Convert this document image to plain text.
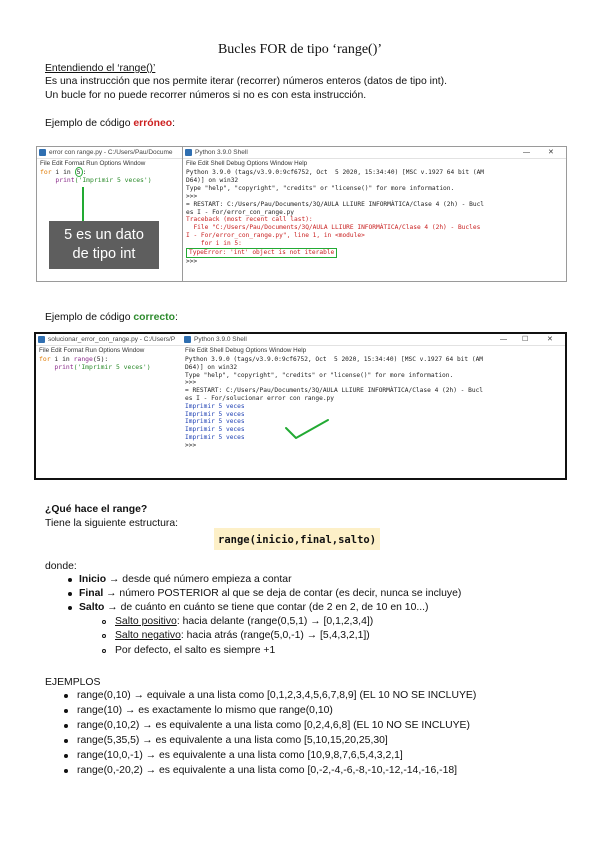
Bucles FOR de tipo ‘range()’
Entendiendo el ‘range()’
Es una instrucción que nos permite iterar (recorrer) números enteros (datos de tipo int).
Un bucle for no puede recorrer números si no es con esta instrucción.
Ejemplo de código erróneo:
error con range.py - C:/Users/Pau/Docume
File Edit Format Run Options Window
for i in 5 :
print('Imprimir 5 veces')
5 es un dato
de tipo int
Python 3.9.0 Shell	—	✕
File Edit Shell Debug Options Window Help
Python 3.9.0 (tags/v3.9.0:9cf6752, Oct  5 2020, 15:34:40) [MSC v.1927 64 bit (AM
D64)] on win32
Type "help", "copyright", "credits" or "license()" for more information.
>>>
= RESTART: C:/Users/Pau/Documents/3Q/AULA LLIURE INFORMÀTICA/Clase 4 (2h) - Bucl
es I - For/error_con_range.py
Traceback (most recent call last):
File "C:/Users/Pau/Documents/3Q/AULA LLIURE INFORMÀTICA/Clase 4 (2h) - Bucles
I - For/error_con_range.py", line 1, in <module>
for i in 5:
TypeError: 'int' object is not iterable
>>>
Ejemplo de código correcto:
solucionar_error_con_range.py - C:/Users/P
File Edit Format Run Options Window
for i in range(5):
print('Imprimir 5 veces')
Python 3.9.0 Shell	— ☐	✕
File Edit Shell Debug Options Window Help
Python 3.9.0 (tags/v3.9.0:9cf6752, Oct  5 2020, 15:34:40) [MSC v.1927 64 bit (AM
D64)] on win32
Type "help", "copyright", "credits" or "license()" for more information.
>>>
= RESTART: C:/Users/Pau/Documents/3Q/AULA LLIURE INFORMÀTICA/Clase 4 (2h) - Bucl
es I - For/solucionar error con range.py
Imprimir 5 veces
Imprimir 5 veces
Imprimir 5 veces
Imprimir 5 veces
Imprimir 5 veces
>>>
¿Qué hace el range?
Tiene la siguiente estructura:
range(inicio,final,salto)
donde:
Inicio → desde qué número empieza a contar
Final → número POSTERIOR al que se deja de contar (es decir, nunca se incluye)
Salto → de cuánto en cuánto se tiene que contar (de 2 en 2, de 10 en 10...)
Salto positivo: hacia delante (range(0,5,1) → [0,1,2,3,4])
Salto negativo: hacia atrás (range(5,0,-1) → [5,4,3,2,1])
Por defecto, el salto es siempre +1
EJEMPLOS
range(0,10) → equivale a una lista como [0,1,2,3,4,5,6,7,8,9] (EL 10 NO SE INCLUYE)
range(10) → es exactamente lo mismo que range(0,10)
range(0,10,2) → es equivalente a una lista como [0,2,4,6,8] (EL 10 NO SE INCLUYE)
range(5,35,5) → es equivalente a una lista como [5,10,15,20,25,30]
range(10,0,-1) → es equivalente a una lista como [10,9,8,7,6,5,4,3,2,1]
range(0,-20,2) → es equivalente a una lista como [0,-2,-4,-6,-8,-10,-12,-14,-16,-18]
